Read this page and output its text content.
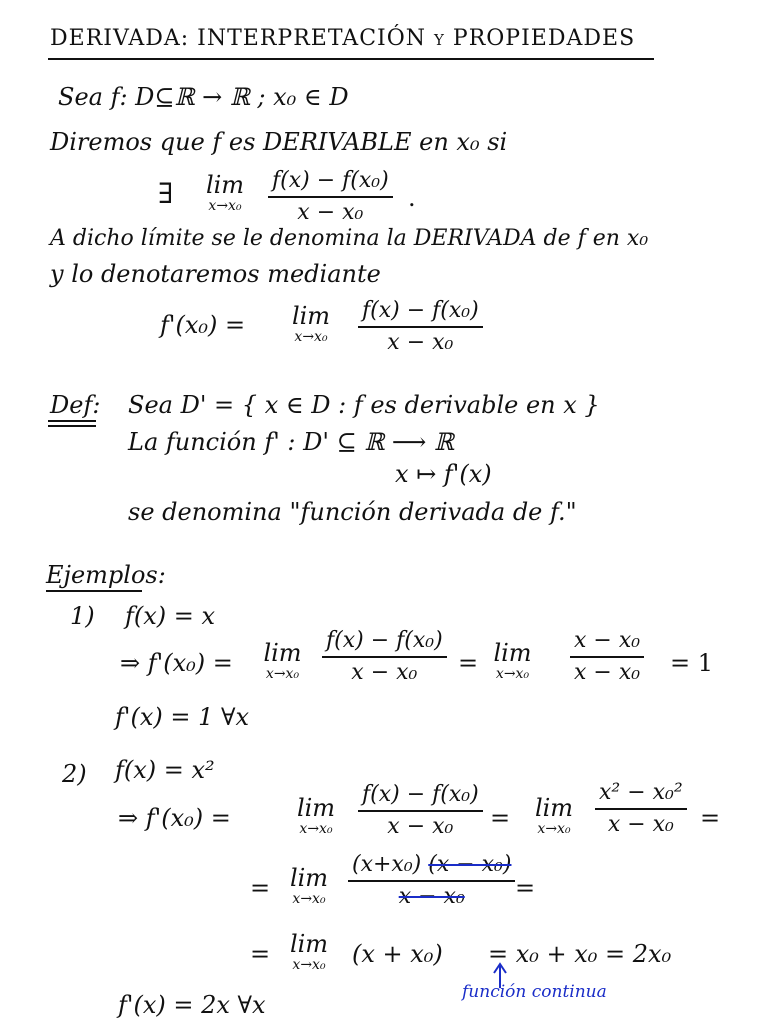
DERIVADA: INTERPRETACIÓN y PROPIEDADES
Sea f: D⊆ℝ → ℝ ; x₀ ∈ D
Diremos que f es DERIVABLE en x₀ si
∃	lim
x→x₀	$\frac{\text{f(x) − f(x₀)}}{\text{x − x₀}}$ .
A dicho límite se le denomina la DERIVADA de f en x₀
y lo denotaremos mediante
f'(x₀) =	lim
x→x₀	$\frac{\text{f(x) − f(x₀)}}{\text{x − x₀}}$
Def: Sea D' = { x ∈ D : f es derivable en x }
La función f' : D' ⊆ ℝ ⟶ ℝ
x ↦ f'(x)
se denomina "función derivada de f."
Ejemplos:
1) f(x) = x
⇒ f'(x₀) =	lim
x→x₀	$\frac{\text{f(x) − f(x₀)}}{\text{x − x₀}} = \lim$
x→x₀	$\frac{\text{x − x₀}}{\text{x − x₀}} = 1$
f'(x) = 1 ∀x
2) f(x) = x²
⇒ f'(x₀) =	lim
x→x₀	$\frac{\text{f(x) − f(x₀)}}{\text{x − x₀}}$ =	lim
x→x₀	$\frac{\text{x² − x₀²}}{\text{x − x₀}}$ =
= lim
x→x₀	$\frac{\text{(x+x₀) (x − x₀)}}{\text{x − x₀}}$ =
= lim
x→x₀	(x + x₀) = x₀ + x₀ = 2x₀
función continua
f'(x) = 2x ∀x
